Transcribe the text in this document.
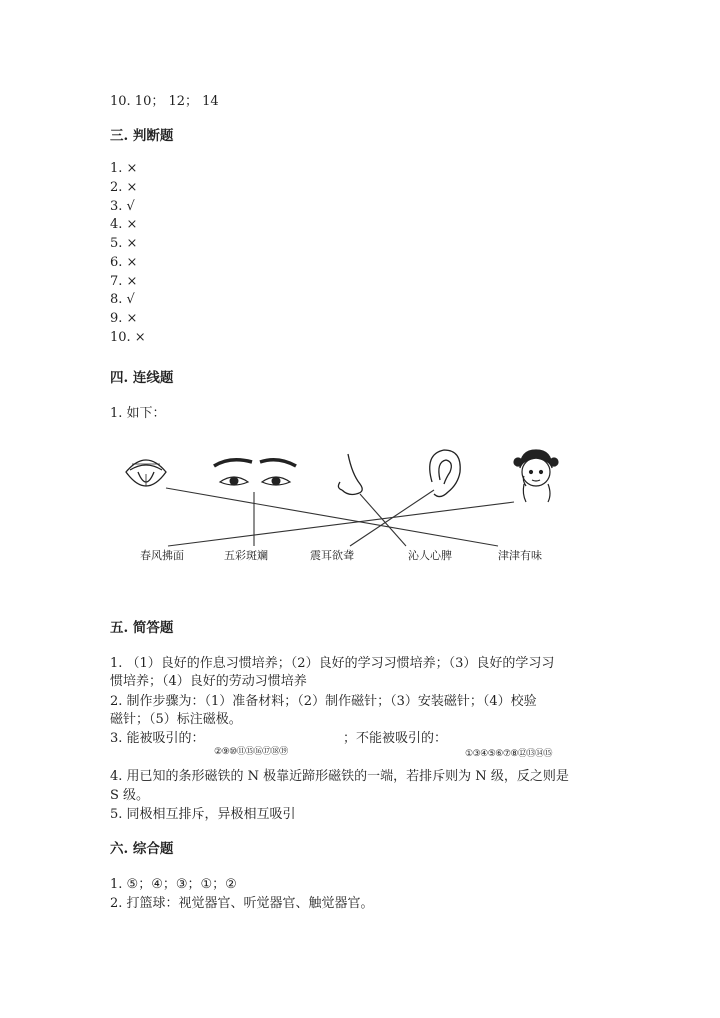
10. 10； 12； 14
三. 判断题
1. ×
2. ×
3. √
4. ×
5. ×
6. ×
7. ×
8. √
9. ×
10. ×
四. 连线题
1. 如下：
春风拂面	五彩斑斓	震耳欲聋	沁人心脾	津津有味
五. 简答题
1. （1）良好的作息习惯培养；（2）良好的学习习惯培养；（3）良好的学习习
惯培养；（4）良好的劳动习惯培养
2. 制作步骤为：（1）准备材料；（2）制作磁针；（3）安装磁针；（4）校验
磁针；（5）标注磁极。
3. 能被吸引的：	；不能被吸引的：
②⑨⑩⑪⑮⑯⑰⑱⑲	①③④⑤⑥⑦⑧⑫⑬⑭⑮
4. 用已知的条形磁铁的 N 极靠近蹄形磁铁的一端，若排斥则为 N 级，反之则是
S 级。
5. 同极相互排斥，异极相互吸引
六. 综合题
1. ⑤；④；③；①；②
2. 打篮球：视觉器官、听觉器官、触觉器官。
